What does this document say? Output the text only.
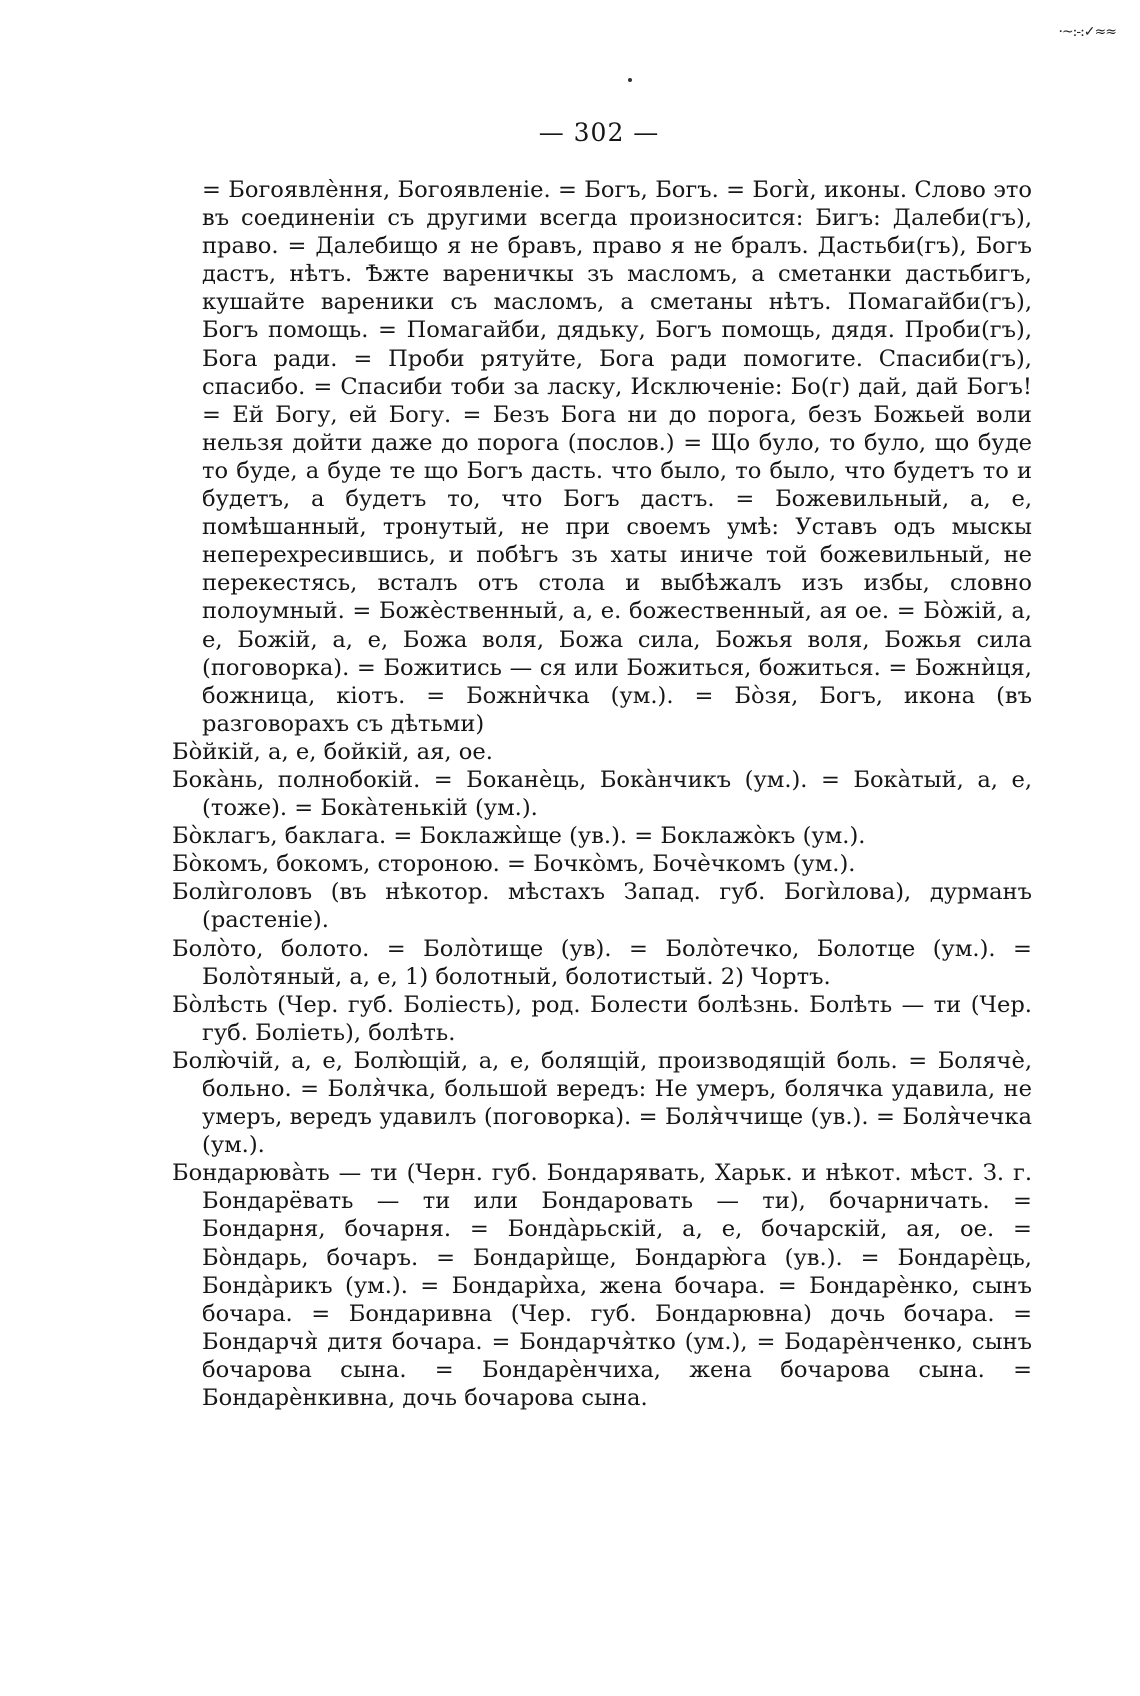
·~:-:✓≈≈
— 302 —

= Богоявлѐння, Богоявленіе. = Богъ, Богъ. = Богѝ, иконы. Слово это въ соединеніи съ другими всегда произносится: Бигъ: Далеби(гъ), право. = Далебищо я не бравъ, право я не бралъ. Дастьби(гъ), Богъ дастъ, нѣтъ. Ѣжте вареничкы зъ масломъ, а сметанки дастьбигъ, кушайте вареники съ масломъ, а сметаны нѣтъ. Помагайби(гъ), Богъ помощь. = Помагайби, дядьку, Богъ помощь, дядя. Проби(гъ), Бога ради. = Проби рятуйте, Бога ради помогите. Спасиби(гъ), спасибо. = Спасиби тоби за ласку, Исключеніе: Бо(г) дай, дай Богъ! = Ей Богу, ей Богу. = Безъ Бога ни до порога, безъ Божьей воли нельзя дойти даже до порога (послов.) = Що було, то було, що буде то буде, а буде те що Богъ дасть. что было, то было, что будетъ то и будетъ, а будетъ то, что Богъ дастъ. = Божевильный, а, е, помѣшанный, тронутый, не при своемъ умѣ: Уставъ одъ мыскы неперехресившись, и побѣгъ зъ хаты иниче той божевильный, не перекестясь, всталъ отъ стола и выбѣжалъ изъ избы, словно полоумный. = Божѐственный, а, е. божественный, ая ое. = Бо̀жій, а, е, Божій, а, е, Божа воля, Божа сила, Божья воля, Божья сила (поговорка). = Божитись — ся или Божиться, божиться. = Божнѝця, божница, кіотъ. = Божнѝчка (ум.). = Бо̀зя, Богъ, икона (въ разговорахъ съ дѣтьми)

Бо̀йкій, а, е, бойкій, ая, ое.

Бока̀нь, полнобокій. = Боканѐць, Бока̀нчикъ (ум.). = Бока̀тый, а, е, (тоже). = Бока̀тенькій (ум.).

Бо̀клагъ, баклага. = Боклажѝще (ув.). = Боклажо̀къ (ум.).

Бо̀комъ, бокомъ, стороною. = Бочко̀мъ, Бочѐчкомъ (ум.).

Болѝголовъ (въ нѣкотор. мѣстахъ Запад. губ. Богѝлова), дурманъ (растеніе).

Боло̀то, болото. = Боло̀тище (ув). = Боло̀течко, Болотце (ум.). = Боло̀тяный, а, е, 1) болотный, болотистый. 2) Чортъ.

Бо̀лѣсть (Чер. губ. Боліесть), род. Болести болѣзнь. Болѣть — ти (Чер. губ. Боліеть), болѣть.

Болю̀чій, а, е, Болю̀щій, а, е, болящій, производящій боль. = Болячѐ, больно. = Боля̀чка, большой вередъ: Не умеръ, болячка удавила, не умеръ, вередъ удавилъ (поговорка). = Боля̀ччище (ув.). = Боля̀чечка (ум.).

Бондарюва̀ть — ти (Черн. губ. Бондарявать, Харьк. и нѣкот. мѣст. З. г. Бондарёвать — ти или Бондаровать — ти), бочарничать. = Бондарня, бочарня. = Бонда̀рьскій, а, е, бочарскій, ая, ое. = Бо̀ндарь, бочаръ. = Бондарѝще, Бондарю̀га (ув.). = Бондарѐць, Бонда̀рикъ (ум.). = Бондарѝха, жена бочара. = Бондарѐнко, сынъ бочара. = Бондаривна (Чер. губ. Бондарювна) дочь бочара. = Бондарчя̀ дитя бочара. = Бондарчя̀тко (ум.), = Бодарѐнченко, сынъ бочарова сына. = Бондарѐнчиха, жена бочарова сына. = Бондарѐнкивна, дочь бочарова сына.
